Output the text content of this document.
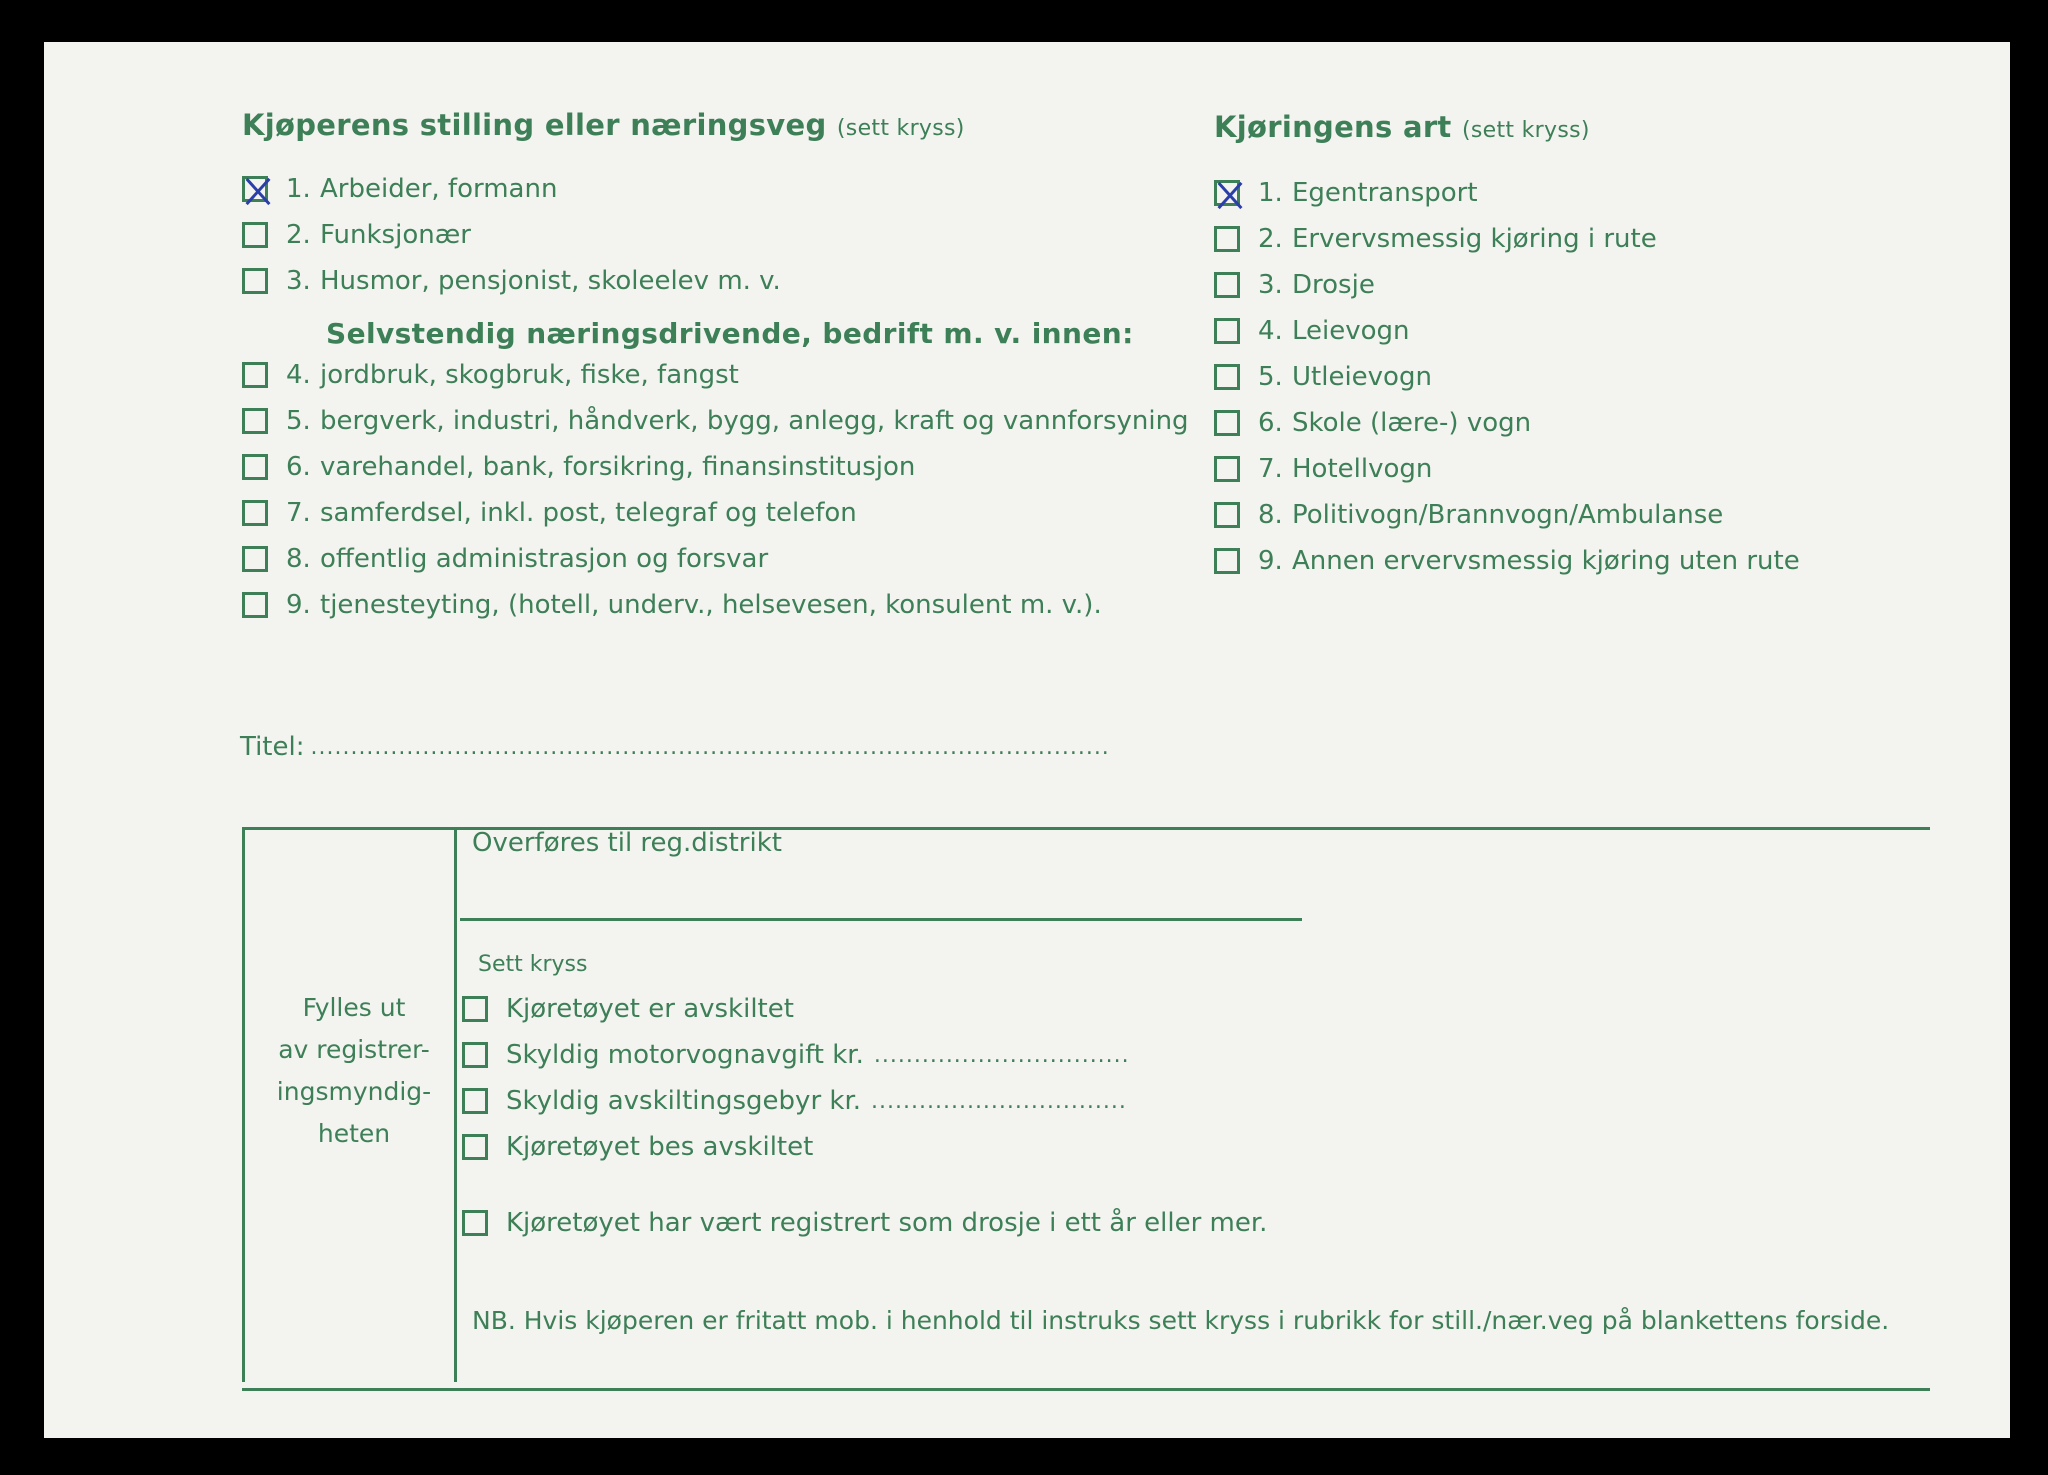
Kjøperens stilling eller næringsveg (sett kryss)
1. Arbeider, formann
2. Funksjonær
3. Husmor, pensjonist, skoleelev m. v.
Selvstendig næringsdrivende, bedrift m. v. innen:
4. jordbruk, skogbruk, fiske, fangst
5. bergverk, industri, håndverk, bygg, anlegg, kraft og vannforsyning
6. varehandel, bank, forsikring, finansinstitusjon
7. samferdsel, inkl. post, telegraf og telefon
8. offentlig administrasjon og forsvar
9. tjenesteyting, (hotell, underv., helsevesen, konsulent m. v.).
Kjøringens art (sett kryss)
1. Egentransport
2. Ervervsmessig kjøring i rute
3. Drosje
4. Leievogn
5. Utleievogn
6. Skole (lære-) vogn
7. Hotellvogn
8. Politivogn/Brannvogn/Ambulanse
9. Annen ervervsmessig kjøring uten rute
Titel: ....................................................................................................
Fylles ut
av registrer-
ingsmyndig-
heten
Overføres til reg.distrikt
Sett kryss
Kjøretøyet er avskiltet
Skyldig motorvognavgift kr. ................................
Skyldig avskiltingsgebyr kr. ................................
Kjøretøyet bes avskiltet
Kjøretøyet har vært registrert som drosje i ett år eller mer.
NB. Hvis kjøperen er fritatt mob. i henhold til instruks sett kryss i rubrikk for still./nær.veg på blankettens forside.
